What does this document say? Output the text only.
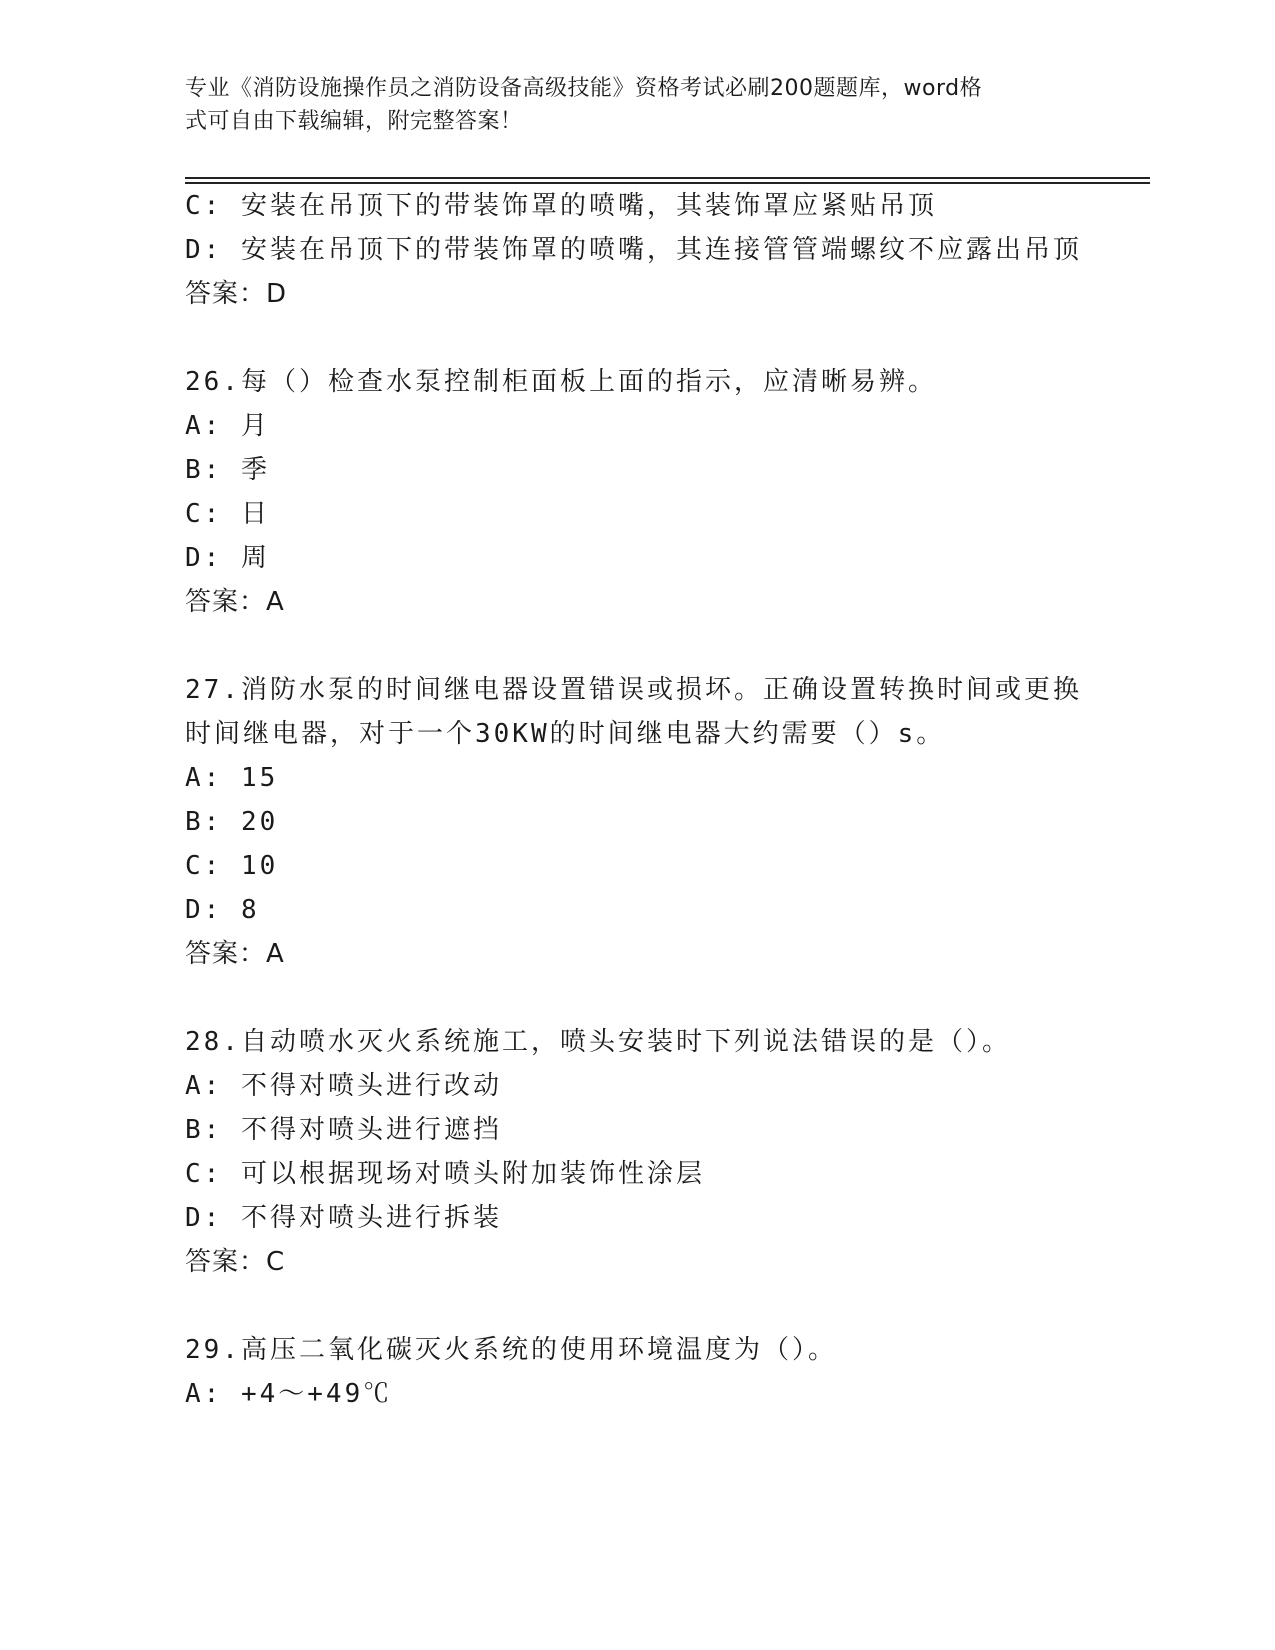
专业《消防设施操作员之消防设备高级技能》资格考试必刷200题题库，word格
式可自由下载编辑，附完整答案！
C: 安装在吊顶下的带装饰罩的喷嘴，其装饰罩应紧贴吊顶
D: 安装在吊顶下的带装饰罩的喷嘴，其连接管管端螺纹不应露出吊顶
答案：D
26.每（）检查水泵控制柜面板上面的指示，应清晰易辨。
A: 月
B: 季
C: 日
D: 周
答案：A
27.消防水泵的时间继电器设置错误或损坏。正确设置转换时间或更换
时间继电器，对于一个30KW的时间继电器大约需要（）s。
A: 15
B: 20
C: 10
D: 8
答案：A
28.自动喷水灭火系统施工，喷头安装时下列说法错误的是（）。
A: 不得对喷头进行改动
B: 不得对喷头进行遮挡
C: 可以根据现场对喷头附加装饰性涂层
D: 不得对喷头进行拆装
答案：C
29.高压二氧化碳灭火系统的使用环境温度为（）。
A: +4～+49℃
